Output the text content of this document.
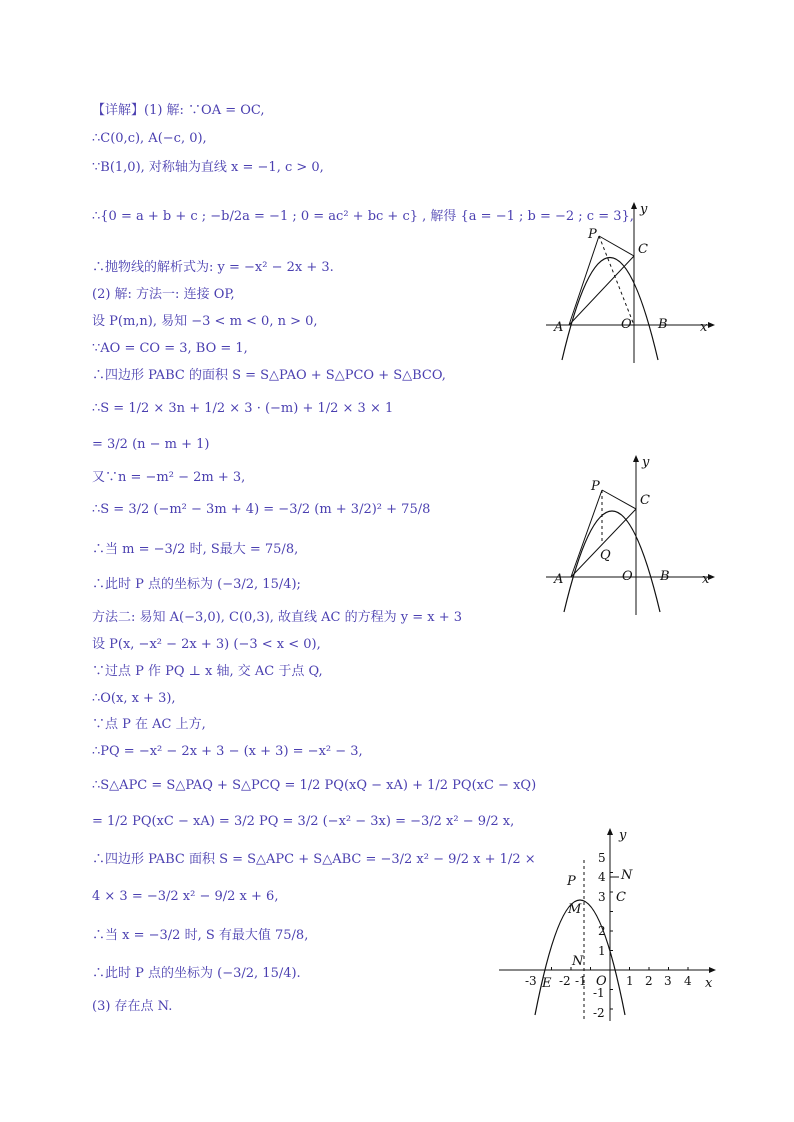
【详解】(1) 解: ∵OA = OC,
∴C(0,c), A(−c, 0),
∵B(1,0), 对称轴为直线 x = −1, c > 0,
∴{0 = a + b + c ; −b/2a = −1 ; 0 = ac² + bc + c} , 解得 {a = −1 ; b = −2 ; c = 3},
∴抛物线的解析式为: y = −x² − 2x + 3.
(2) 解: 方法一: 连接 OP,
设 P(m,n), 易知 −3 < m < 0, n > 0,
∵AO = CO = 3, BO = 1,
∴四边形 PABC 的面积 S = S△PAO + S△PCO + S△BCO,
∴S = 1/2 × 3n + 1/2 × 3 · (−m) + 1/2 × 3 × 1
= 3/2 (n − m + 1)
又∵n = −m² − 2m + 3,
∴S = 3/2 (−m² − 3m + 4) = −3/2 (m + 3/2)² + 75/8
∴当 m = −3/2 时, S最大 = 75/8,
∴此时 P 点的坐标为 (−3/2, 15/4);
方法二: 易知 A(−3,0), C(0,3), 故直线 AC 的方程为 y = x + 3
设 P(x, −x² − 2x + 3) (−3 < x < 0),
∵过点 P 作 PQ ⊥ x 轴, 交 AC 于点 Q,
∴O(x, x + 3),
∵点 P 在 AC 上方,
∴PQ = −x² − 2x + 3 − (x + 3) = −x² − 3,
∴S△APC = S△PAQ + S△PCQ = 1/2 PQ(xQ − xA) + 1/2 PQ(xC − xQ)
= 1/2 PQ(xC − xA) = 3/2 PQ = 3/2 (−x² − 3x) = −3/2 x² − 9/2 x,
∴四边形 PABC 面积 S = S△APC + S△ABC = −3/2 x² − 9/2 x + 1/2 ×
4 × 3 = −3/2 x² − 9/2 x + 6,
∴当 x = −3/2 时, S 有最大值 75/8,
∴此时 P 点的坐标为 (−3/2, 15/4).
(3) 存在点 N.
y
P
C
A	O B x
y
P
C
Q
A	O B x
-3 -2 -1	1 2 3 4
5
4
3
2
1
-1
-2
y
P	N
M
C
N
E	O	x
